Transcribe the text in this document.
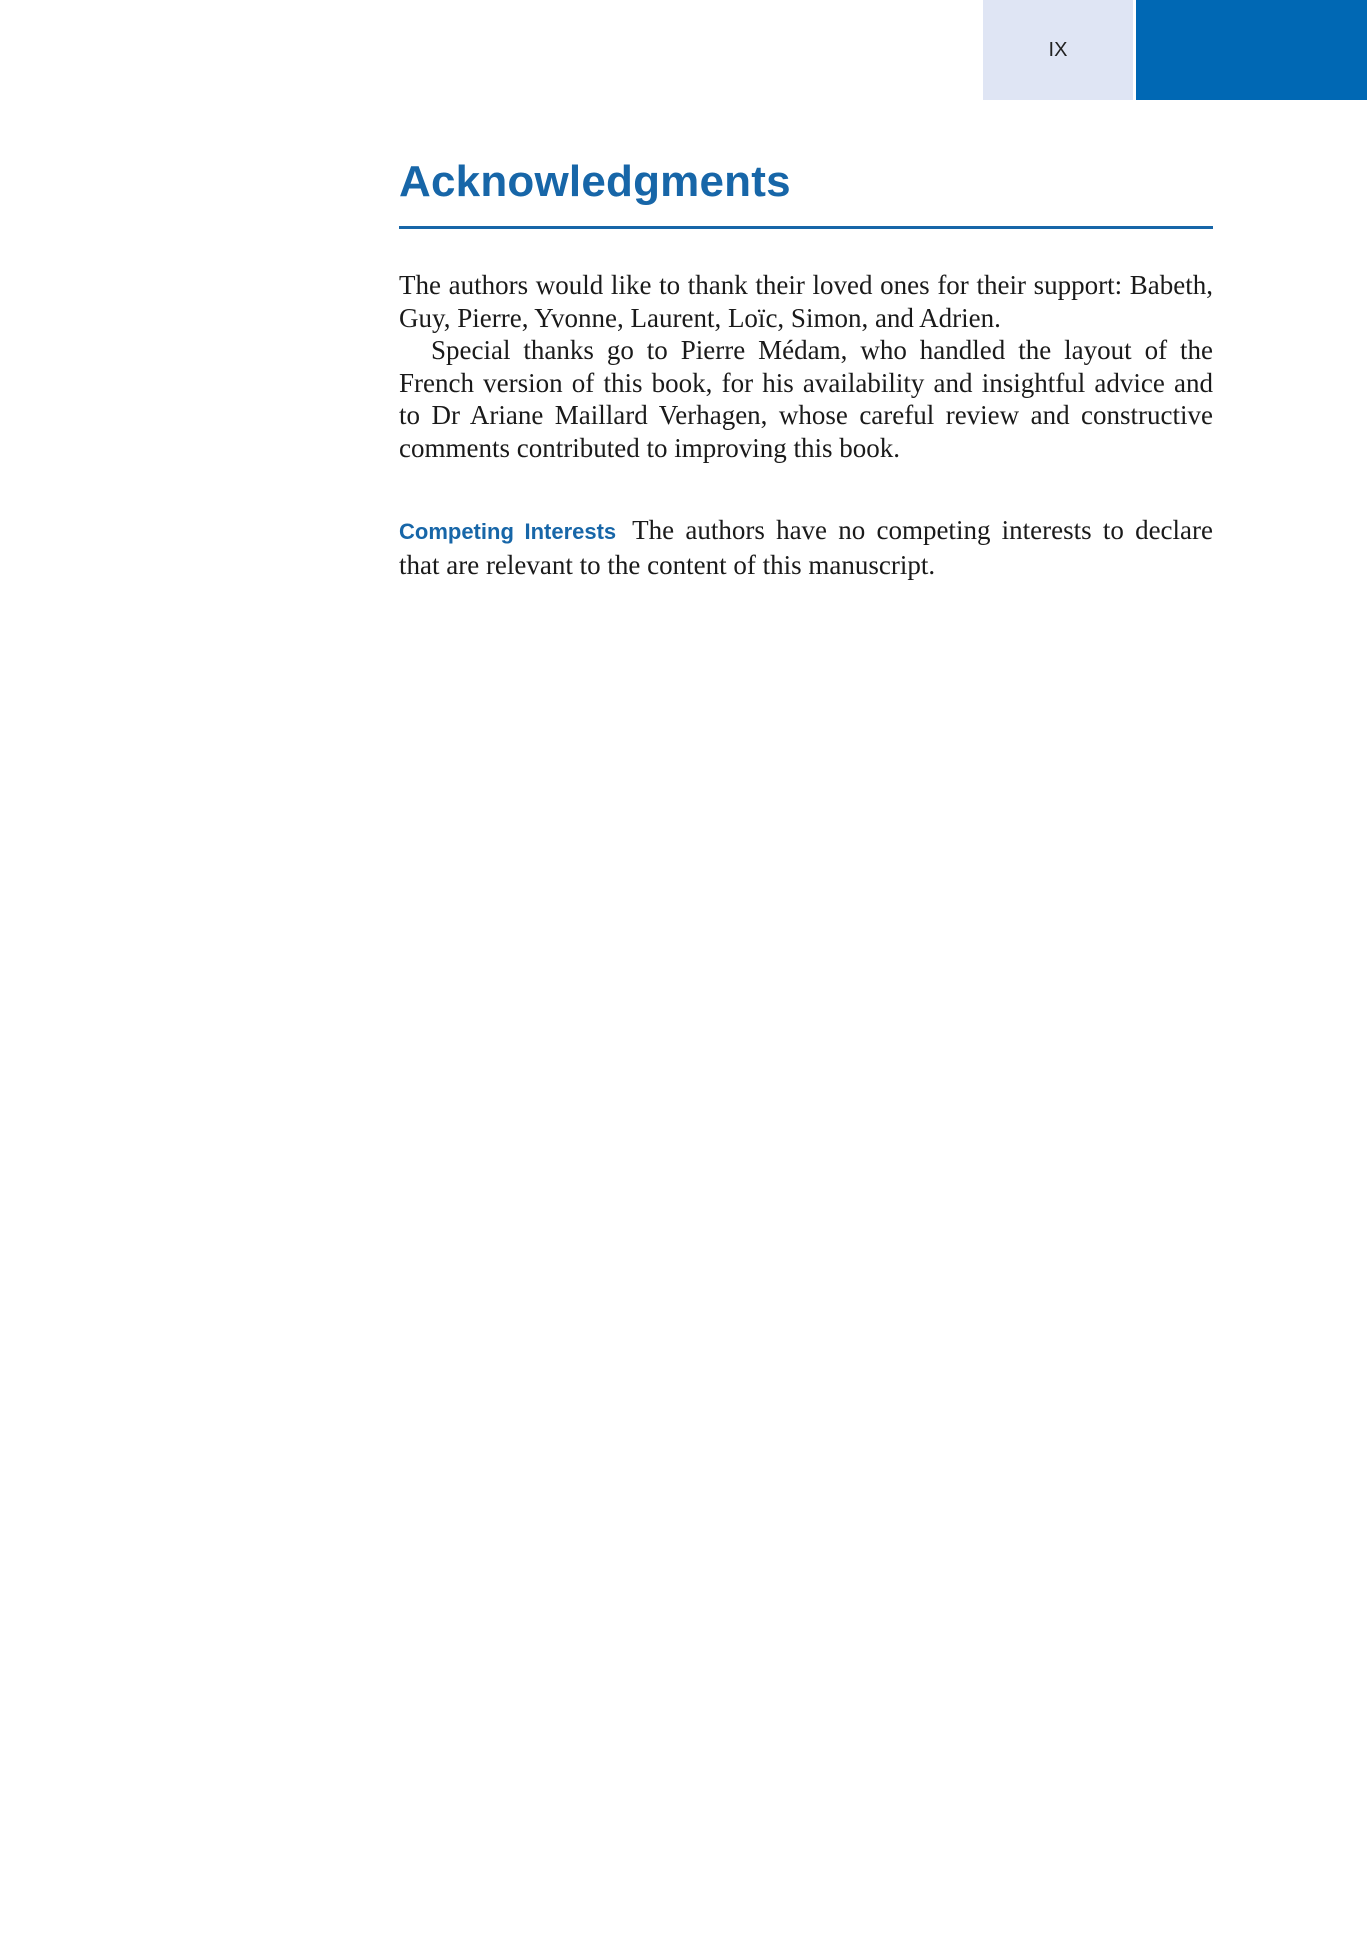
IX
Acknowledgments

The authors would like to thank their loved ones for their support: Babeth, Guy, Pierre, Yvonne, Laurent, Loïc, Simon, and Adrien.

Special thanks go to Pierre Médam, who handled the layout of the French version of this book, for his availability and insightful advice and to Dr Ariane Maillard Verhagen, whose careful review and constructive comments contributed to improving this book.

Competing Interests The authors have no competing interests to declare that are relevant to the content of this manuscript.
